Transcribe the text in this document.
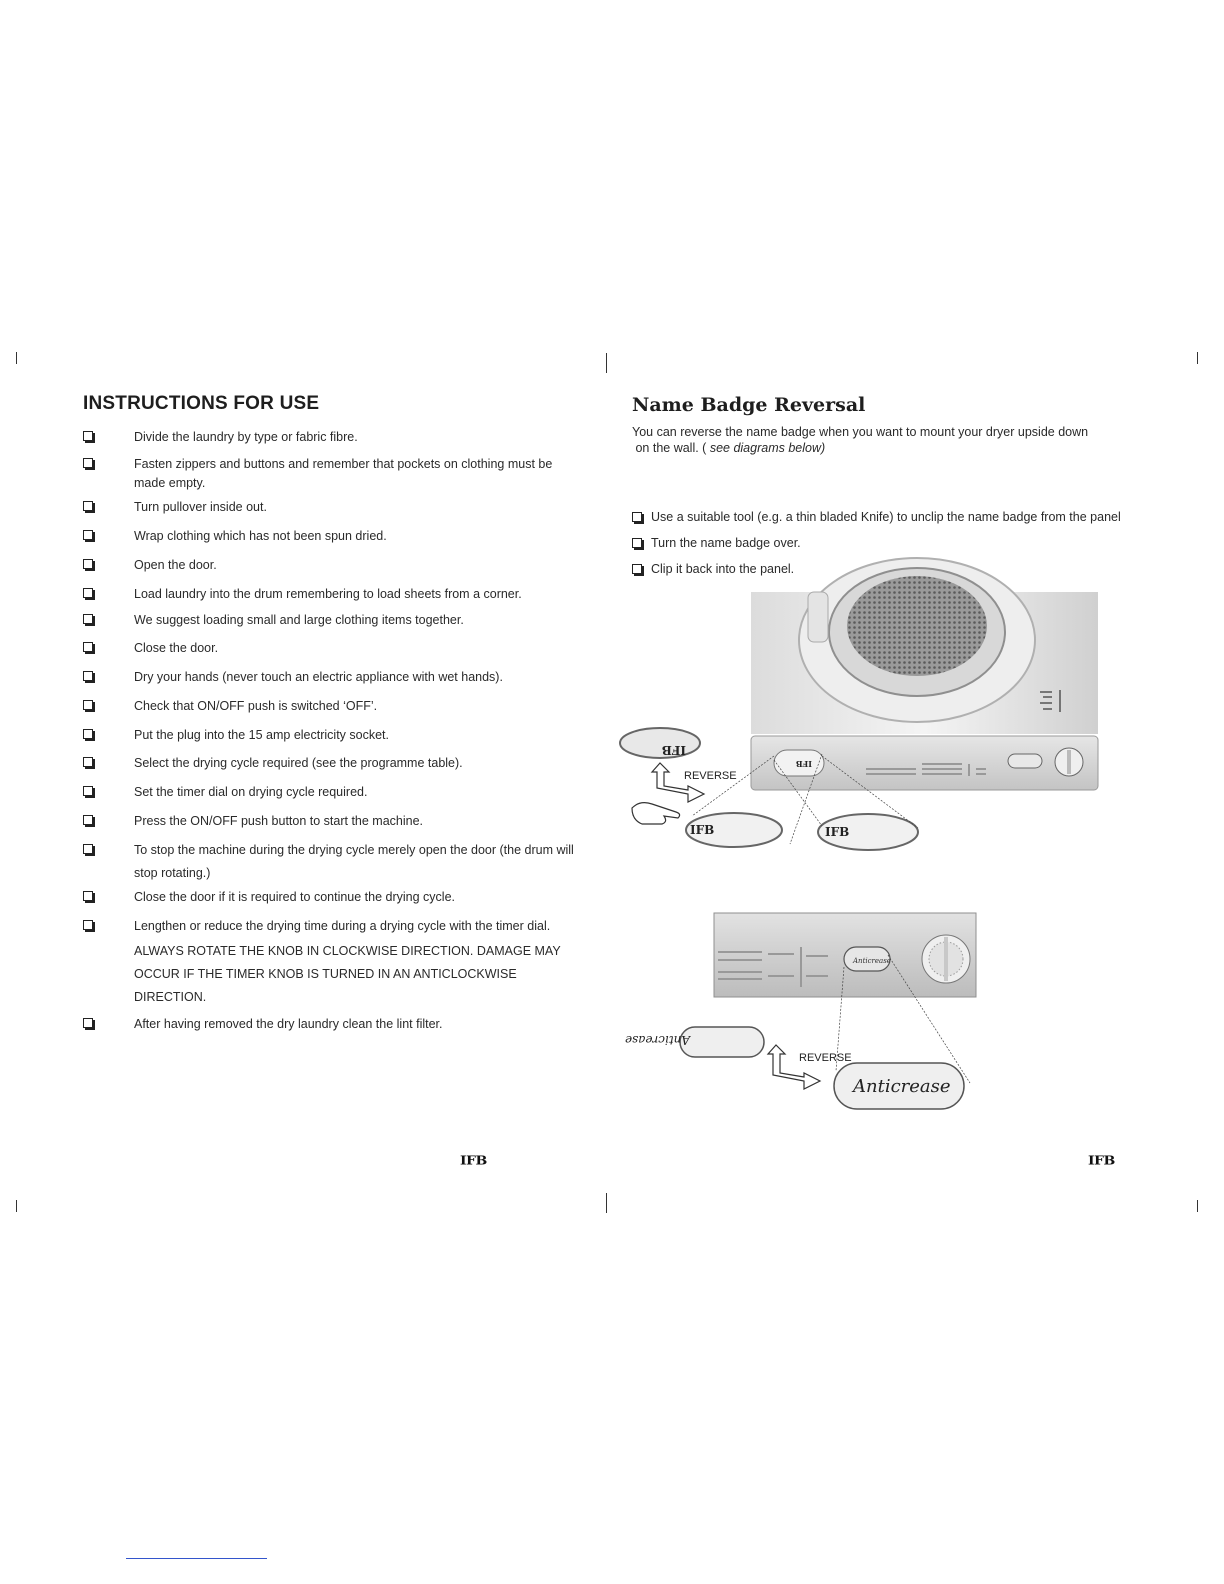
INSTRUCTIONS FOR USE
Divide the laundry by type or fabric fibre.
Fasten zippers and buttons and remember that pockets on clothing must be made empty.
Turn pullover inside out.
Wrap clothing which has not been spun dried.
Open the door.
Load laundry into the drum remembering to load sheets from a corner.
We suggest loading small and large clothing items together.
Close the door.
Dry your hands (never touch an electric appliance with wet hands).
Check that ON/OFF push is switched ‘OFF’.
Put the plug into the 15 amp electricity socket.
Select the drying cycle required (see the programme table).
Set the timer dial on drying cycle required.
Press the ON/OFF push button to start the machine.
To stop the machine during the drying cycle merely open the door (the drum will stop rotating.)
Close the door if it is required to continue the drying cycle.
Lengthen or reduce the drying time during a drying cycle with the timer dial.
ALWAYS ROTATE THE KNOB IN CLOCKWISE DIRECTION. DAMAGE MAY OCCUR IF THE TIMER KNOB IS TURNED IN AN ANTICLOCKWISE DIRECTION.
After having removed the dry laundry clean the lint filter.
IFB
Name Badge Reversal
You can reverse the name badge when you want to mount your dryer upside down
on the wall. ( see diagrams below)
Use a suitable tool (e.g. a thin bladed Knife) to unclip the name badge from the panel
Turn the name badge over.
Clip it back into the panel.
IFB
IFB
REVERSE
IFB	IFB
Anticrease
Anticrease
REVERSE
Anticrease
IFB
